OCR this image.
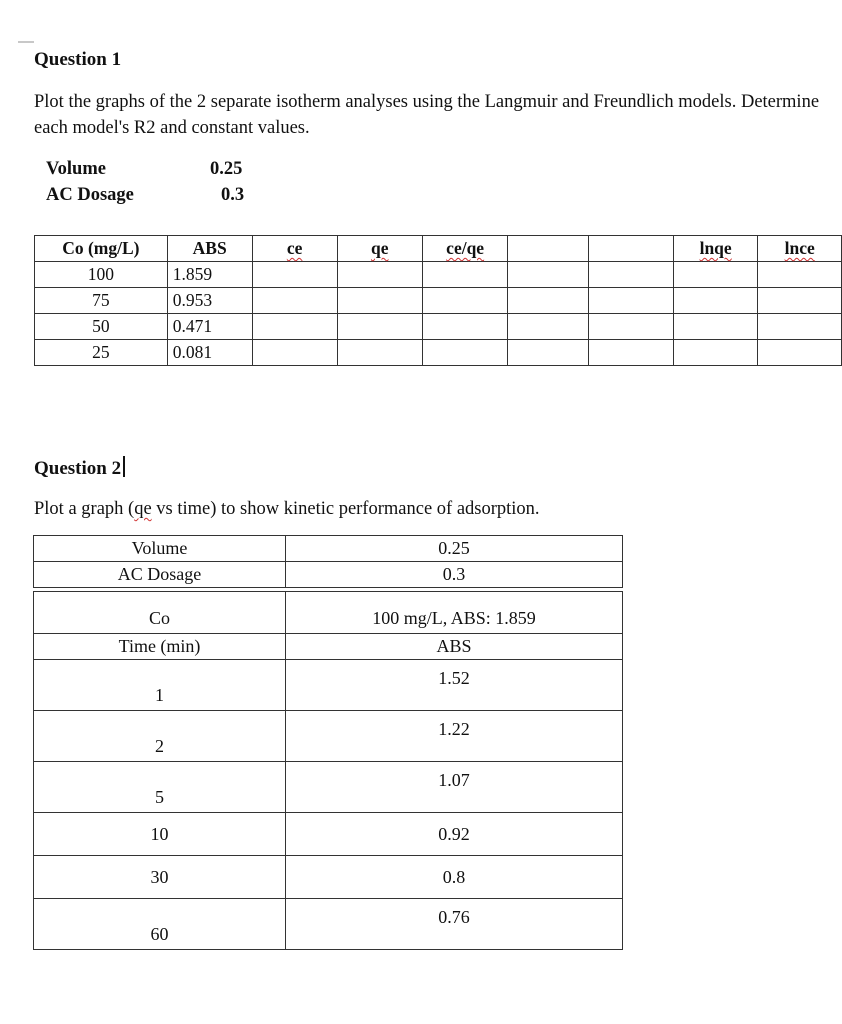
Question 1
Plot the graphs of the 2 separate isotherm analyses using the Langmuir and Freundlich models. Determine each model's R2 and constant values.
Volume	0.25
AC Dosage	0.3
Co (mg/L)	ABS	ce	qe	ce/qe			lnqe	lnce
100	1.859							
75	0.953							
50	0.471							
25	0.081							
Question 2
Plot a graph (qe vs time) to show kinetic performance of adsorption.
Volume	0.25
AC Dosage	0.3

Co	100 mg/L, ABS: 1.859
Time (min)	ABS
1	1.52
2	1.22
5	1.07
10	0.92
30	0.8
60	0.76
